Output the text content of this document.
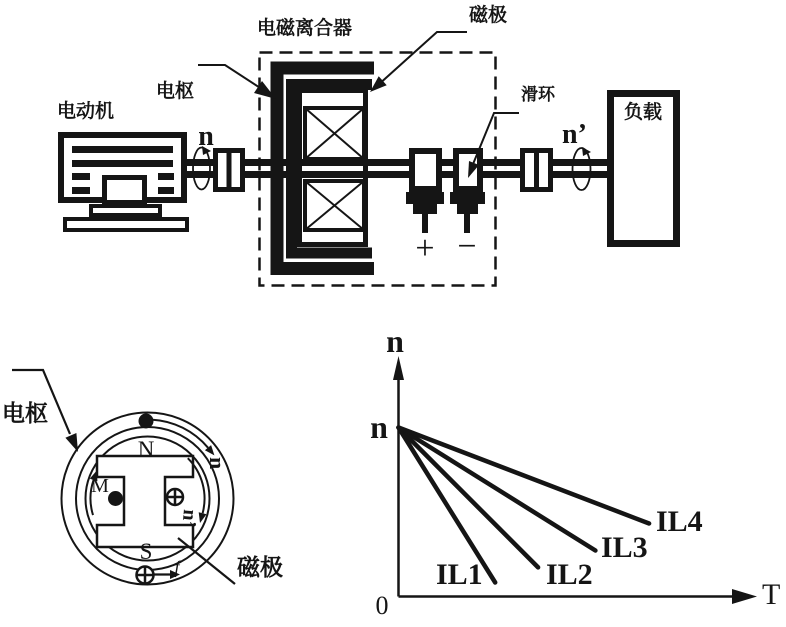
+ −
电磁离合器
磁极
电枢
电动机
滑环
负载
n	n’
电枢
磁极
N
S
M
f
n
n’
n
n
0	T
IL1 IL2
IL3
IL4
